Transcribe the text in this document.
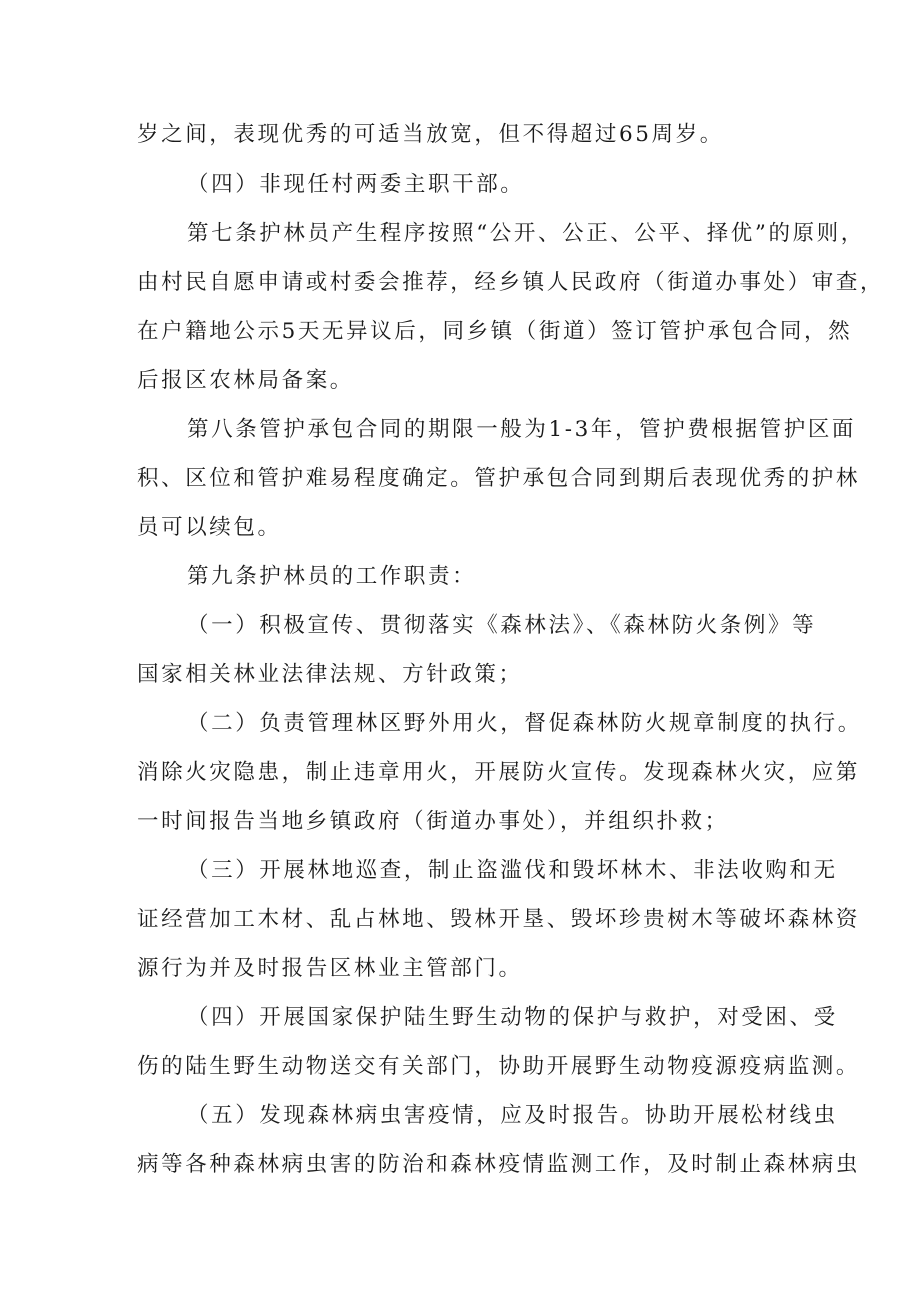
岁之间，表现优秀的可适当放宽，但不得超过65周岁。
（四）非现任村两委主职干部。
第七条护林员产生程序按照“公开、公正、公平、择优”的原则，
由村民自愿申请或村委会推荐，经乡镇人民政府（街道办事处）审查，
在户籍地公示5天无异议后，同乡镇（街道）签订管护承包合同，然
后报区农林局备案。
第八条管护承包合同的期限一般为1-3年，管护费根据管护区面
积、区位和管护难易程度确定。管护承包合同到期后表现优秀的护林
员可以续包。
第九条护林员的工作职责：
（一）积极宣传、贯彻落实《森林法》、《森林防火条例》等
国家相关林业法律法规、方针政策；
（二）负责管理林区野外用火，督促森林防火规章制度的执行。
消除火灾隐患，制止违章用火，开展防火宣传。发现森林火灾，应第
一时间报告当地乡镇政府（街道办事处），并组织扑救；
（三）开展林地巡查，制止盗滥伐和毁坏林木、非法收购和无
证经营加工木材、乱占林地、毁林开垦、毁坏珍贵树木等破坏森林资
源行为并及时报告区林业主管部门。
（四）开展国家保护陆生野生动物的保护与救护，对受困、受
伤的陆生野生动物送交有关部门，协助开展野生动物疫源疫病监测。
（五）发现森林病虫害疫情，应及时报告。协助开展松材线虫
病等各种森林病虫害的防治和森林疫情监测工作，及时制止森林病虫
